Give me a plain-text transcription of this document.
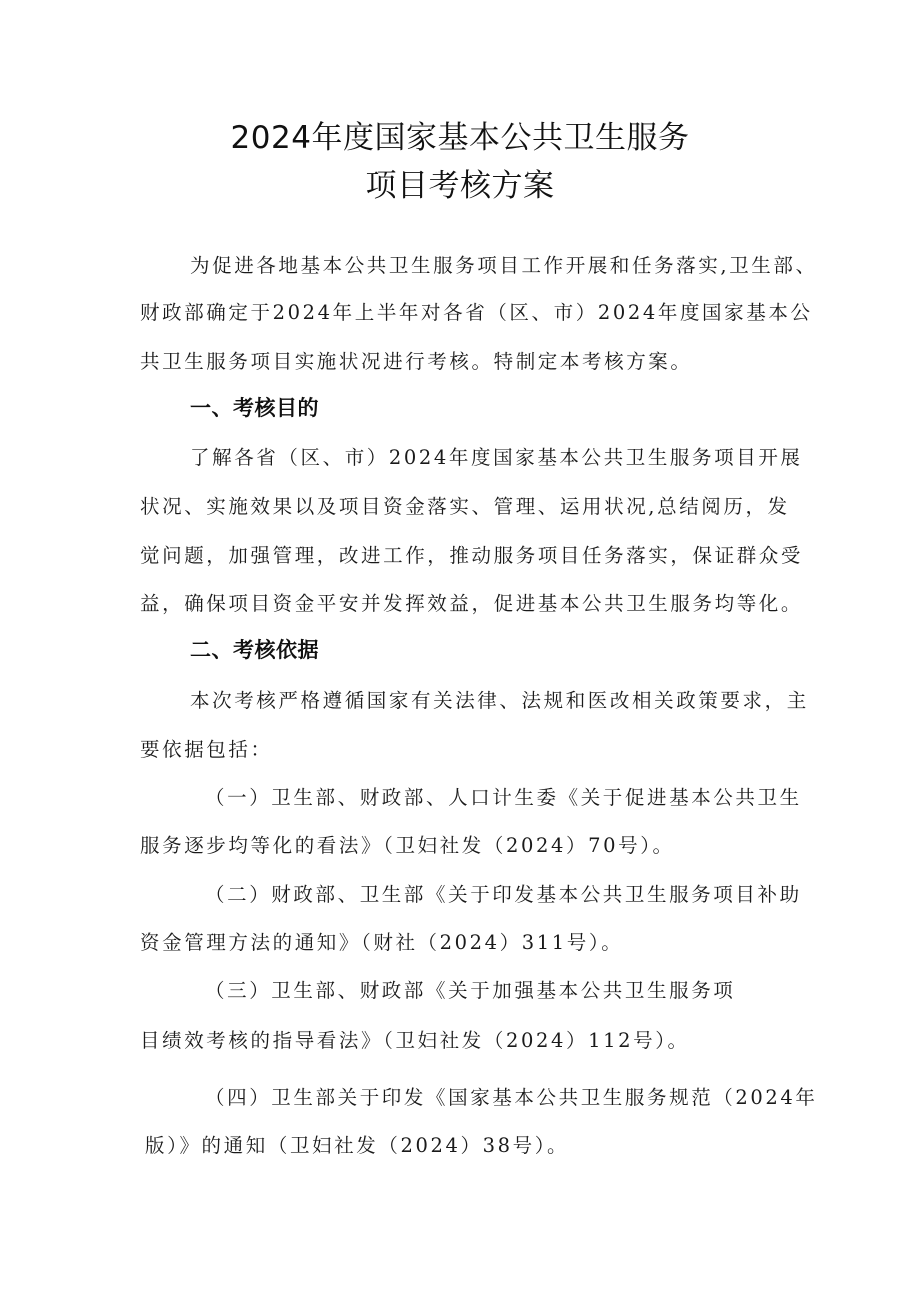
2024年度国家基本公共卫生服务
项目考核方案
为促进各地基本公共卫生服务项目工作开展和任务落实,卫生部、
财政部确定于2024年上半年对各省（区、市）2024年度国家基本公
共卫生服务项目实施状况进行考核。特制定本考核方案。
一、考核目的
了解各省（区、市）2024年度国家基本公共卫生服务项目开展
状况、实施效果以及项目资金落实、管理、运用状况,总结阅历，发
觉问题，加强管理，改进工作，推动服务项目任务落实，保证群众受
益，确保项目资金平安并发挥效益，促进基本公共卫生服务均等化。
二、考核依据
本次考核严格遵循国家有关法律、法规和医改相关政策要求，主
要依据包括：
（一）卫生部、财政部、人口计生委《关于促进基本公共卫生
服务逐步均等化的看法》（卫妇社发（2024）70号）。
（二）财政部、卫生部《关于印发基本公共卫生服务项目补助
资金管理方法的通知》（财社（2024）311号）。
（三）卫生部、财政部《关于加强基本公共卫生服务项
目绩效考核的指导看法》（卫妇社发（2024）112号）。
（四）卫生部关于印发《国家基本公共卫生服务规范（2024年
版）》的通知（卫妇社发（2024）38号）。
